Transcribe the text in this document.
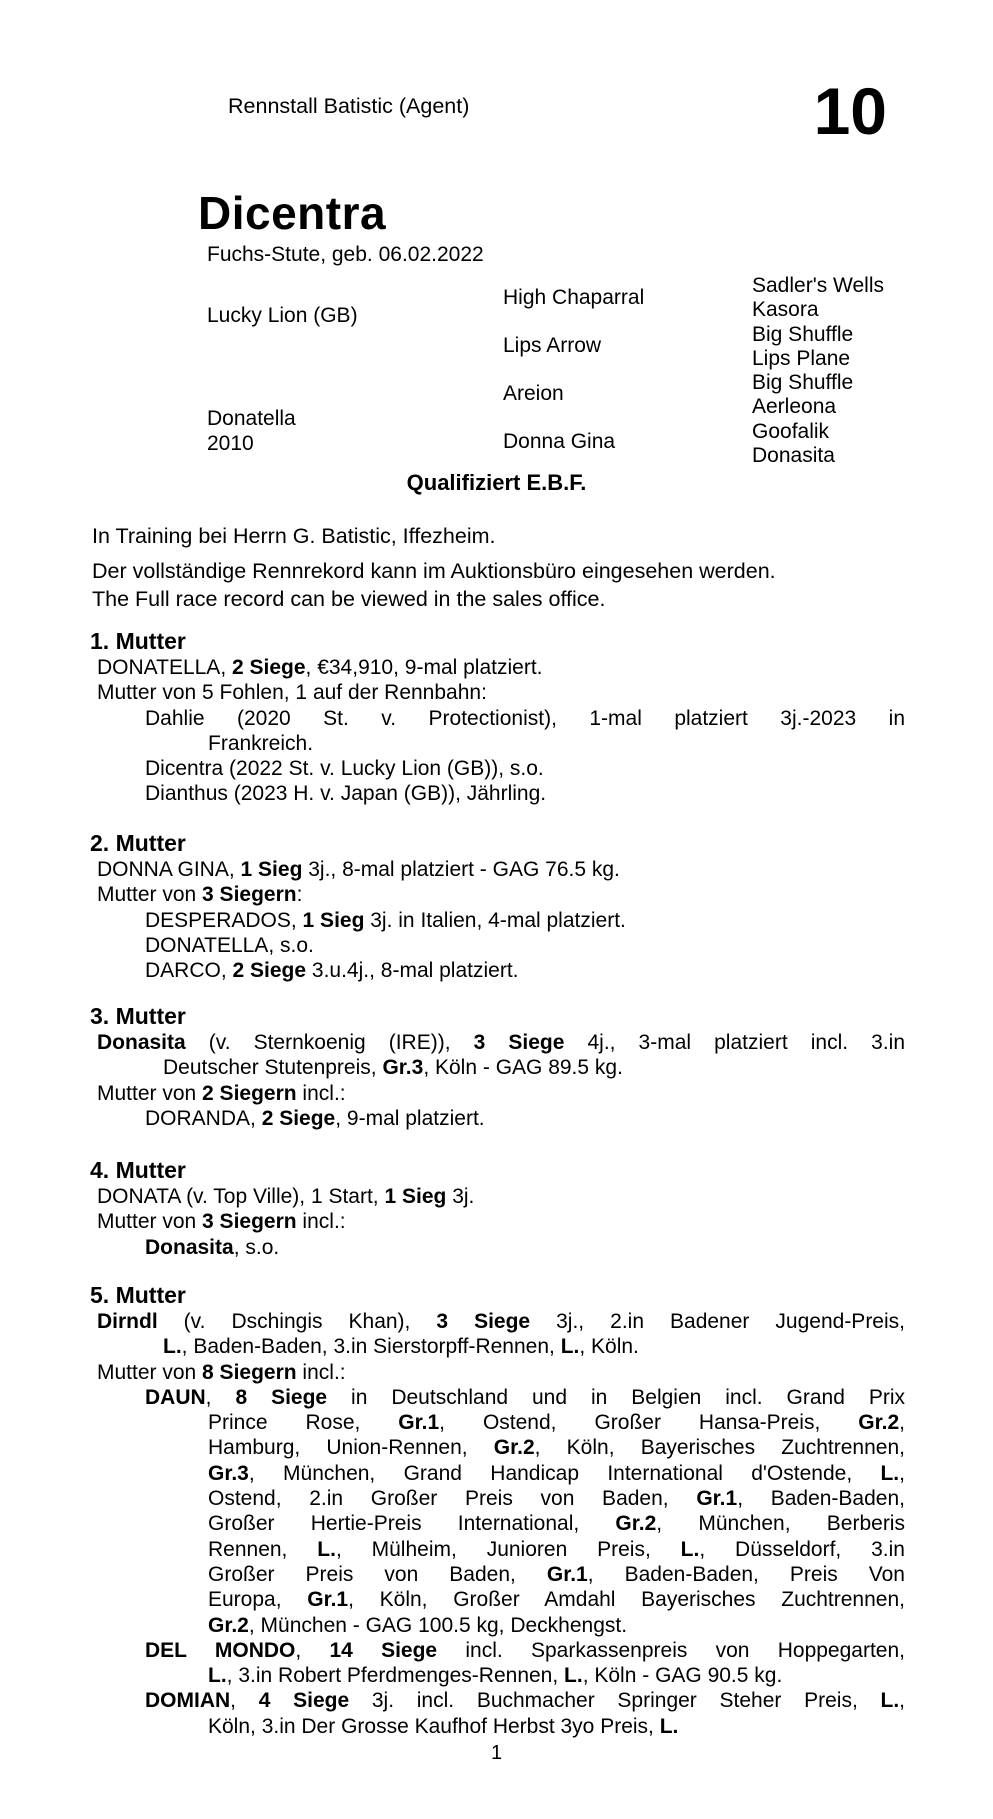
Rennstall Batistic (Agent)	10
Dicentra
Fuchs-Stute, geb. 06.02.2022
Lucky Lion (GB)
Donatella
2010
High Chaparral
Lips Arrow
Areion
Donna Gina
Sadler's Wells
Kasora
Big Shuffle
Lips Plane
Big Shuffle
Aerleona
Goofalik
Donasita
Qualifiziert E.B.F.
In Training bei Herrn G. Batistic, Iffezheim.
Der vollständige Rennrekord kann im Auktionsbüro eingesehen werden.
The Full race record can be viewed in the sales office.
1. Mutter
DONATELLA, 2 Siege, €34,910, 9-mal platziert.
Mutter von 5 Fohlen, 1 auf der Rennbahn:
Dahlie (2020 St. v. Protectionist), 1-mal platziert 3j.-2023 in
Frankreich.
Dicentra (2022 St. v. Lucky Lion (GB)), s.o.
Dianthus (2023 H. v. Japan (GB)), Jährling.
2. Mutter
DONNA GINA, 1 Sieg 3j., 8-mal platziert - GAG 76.5 kg.
Mutter von 3 Siegern:
DESPERADOS, 1 Sieg 3j. in Italien, 4-mal platziert.
DONATELLA, s.o.
DARCO, 2 Siege 3.u.4j., 8-mal platziert.
3. Mutter
Donasita (v. Sternkoenig (IRE)), 3 Siege 4j., 3-mal platziert incl. 3.in
Deutscher Stutenpreis, Gr.3, Köln - GAG 89.5 kg.
Mutter von 2 Siegern incl.:
DORANDA, 2 Siege, 9-mal platziert.
4. Mutter
DONATA (v. Top Ville), 1 Start, 1 Sieg 3j.
Mutter von 3 Siegern incl.:
Donasita, s.o.
5. Mutter
Dirndl (v. Dschingis Khan), 3 Siege 3j., 2.in Badener Jugend-Preis,
L., Baden-Baden, 3.in Sierstorpff-Rennen, L., Köln.
Mutter von 8 Siegern incl.:
DAUN, 8 Siege in Deutschland und in Belgien incl. Grand Prix
Prince Rose, Gr.1, Ostend, Großer Hansa-Preis, Gr.2,
Hamburg, Union-Rennen, Gr.2, Köln, Bayerisches Zuchtrennen,
Gr.3, München, Grand Handicap International d'Ostende, L.,
Ostend, 2.in Großer Preis von Baden, Gr.1, Baden-Baden,
Großer Hertie-Preis International, Gr.2, München, Berberis
Rennen, L., Mülheim, Junioren Preis, L., Düsseldorf, 3.in
Großer Preis von Baden, Gr.1, Baden-Baden, Preis Von
Europa, Gr.1, Köln, Großer Amdahl Bayerisches Zuchtrennen,
Gr.2, München - GAG 100.5 kg, Deckhengst.
DEL MONDO, 14 Siege incl. Sparkassenpreis von Hoppegarten,
L., 3.in Robert Pferdmenges-Rennen, L., Köln - GAG 90.5 kg.
DOMIAN, 4 Siege 3j. incl. Buchmacher Springer Steher Preis, L.,
Köln, 3.in Der Grosse Kaufhof Herbst 3yo Preis, L.
1
